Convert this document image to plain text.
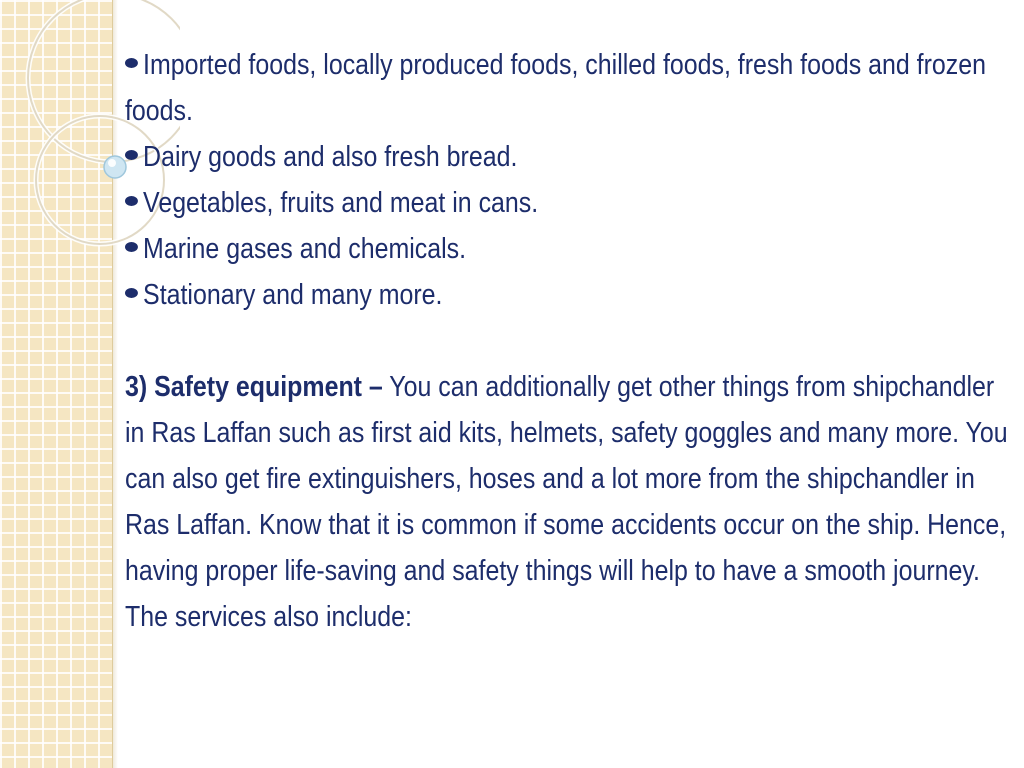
Imported foods, locally produced foods, chilled foods, fresh foods and frozen foods.

Dairy goods and also fresh bread.

Vegetables, fruits and meat in cans.

Marine gases and chemicals.

Stationary and many more.

3) Safety equipment – You can additionally get other things from shipchandler in Ras Laffan such as first aid kits, helmets, safety goggles and many more. You can also get fire extinguishers, hoses and a lot more from the shipchandler in Ras Laffan. Know that it is common if some accidents occur on the ship. Hence, having proper life-saving and safety things will help to have a smooth journey. The services also include:
